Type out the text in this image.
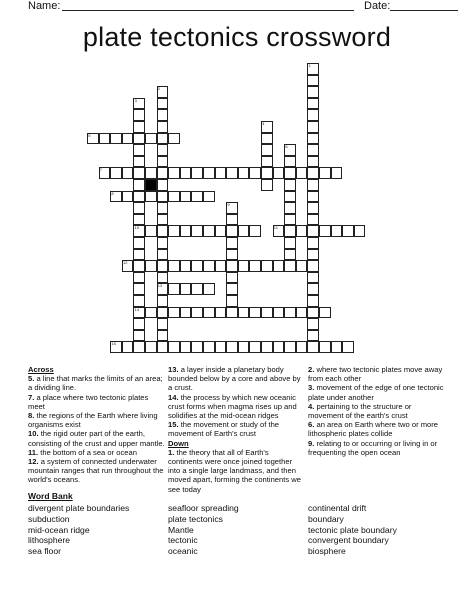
Name:	Date:
plate tectonics crossword
1
2
3
4
5
6
7
8
9
10	11
12
13
14
15
Across
5. a line that marks the limits of an area; a dividing line.
7. a place where two tectonic plates meet
8. the regions of the Earth where living organisms exist
10. the rigid outer part of the earth, consisting of the crust and upper mantle.
11. the bottom of a sea or ocean
12. a system of connected underwater mountain ranges that run throughout the world's oceans.
13. a layer inside a planetary body bounded below by a core and above by a crust.
14. the process by which new oceanic crust forms when magma rises up and solidifies at the mid-ocean ridges
15. the movement or study of the movement of Earth's crust
Down
1. the theory that all of Earth's continents were once joined together into a single large landmass, and then moved apart, forming the continents we see today
2. where two tectonic plates move away from each other
3. movement of the edge of one tectonic plate under another
4. pertaining to the structure or movement of the earth's crust
6. an area on Earth where two or more lithospheric plates collide
9. relating to or occurring or living in or frequenting the open ocean
Word Bank
divergent plate boundaries
subduction
mid-ocean ridge
lithosphere
sea floor
seafloor spreading
plate tectonics
Mantle
tectonic
oceanic
continental drift
boundary
tectonic plate boundary
convergent boundary
biosphere
